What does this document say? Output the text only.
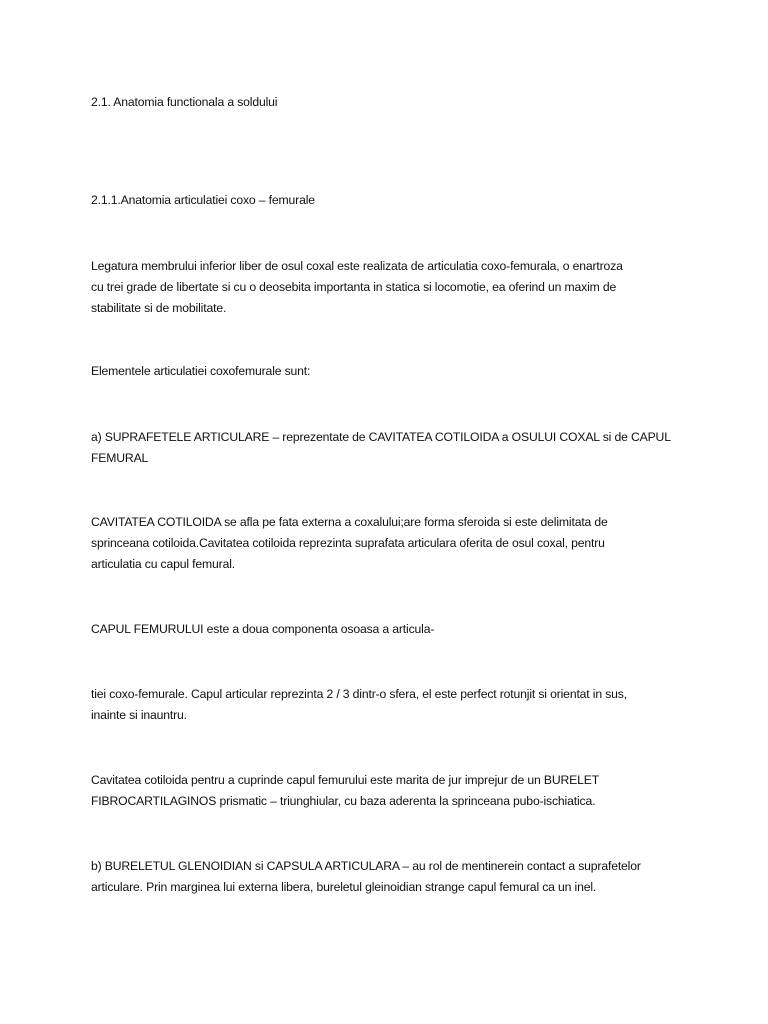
2.1. Anatomia functionala a soldului

2.1.1.Anatomia articulatiei coxo – femurale

Legatura membrului inferior liber de osul coxal este realizata de articulatia coxo-femurala, o enartroza
cu trei grade de libertate si cu o deosebita importanta in statica si locomotie, ea oferind un maxim de
stabilitate si de mobilitate.

Elementele articulatiei coxofemurale sunt:

a) SUPRAFETELE ARTICULARE – reprezentate de CAVITATEA COTILOIDA a OSULUI COXAL si de CAPUL
FEMURAL

CAVITATEA COTILOIDA se afla pe fata externa a coxalului;are forma sferoida si este delimitata de
sprinceana cotiloida.Cavitatea cotiloida reprezinta suprafata articulara oferita de osul coxal, pentru
articulatia cu capul femural.

CAPUL FEMURULUI este a doua componenta osoasa a articula-

tiei coxo-femurale. Capul articular reprezinta 2 / 3 dintr-o sfera, el este perfect rotunjit si orientat in sus,
inainte si inauntru.

Cavitatea cotiloida pentru a cuprinde capul femurului este marita de jur imprejur de un BURELET
FIBROCARTILAGINOS prismatic – triunghiular, cu baza aderenta la sprinceana pubo-ischiatica.

b) BURELETUL GLENOIDIAN si CAPSULA ARTICULARA – au rol de mentinerein contact a suprafetelor
articulare. Prin marginea lui externa libera, bureletul gleinoidian strange capul femural ca un inel.
